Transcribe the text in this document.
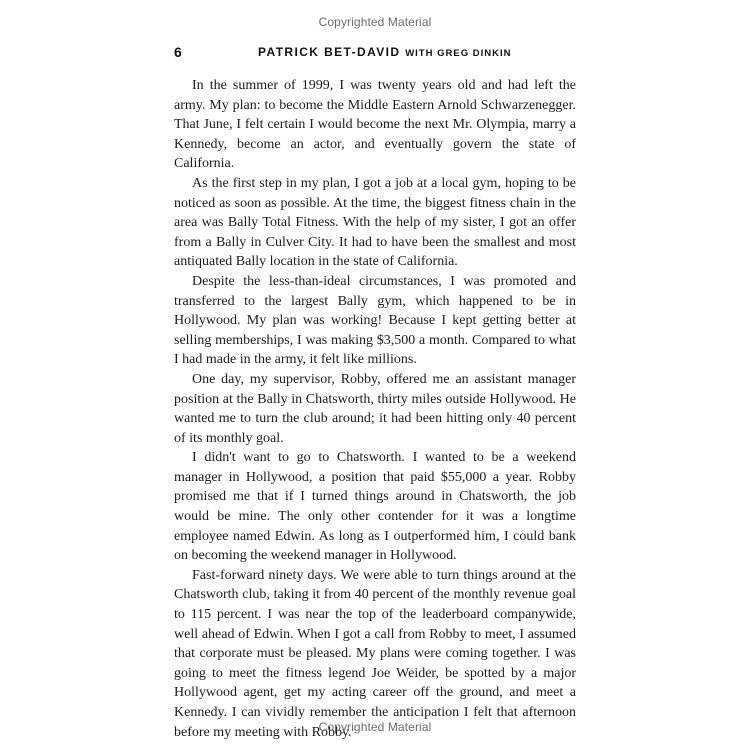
Copyrighted Material
6	PATRICK BET-DAVID WITH GREG DINKIN

In the summer of 1999, I was twenty years old and had left the army. My plan: to become the Middle Eastern Arnold Schwarzenegger. That June, I felt certain I would become the next Mr. Olympia, marry a Kennedy, become an actor, and eventually govern the state of California.

As the first step in my plan, I got a job at a local gym, hoping to be noticed as soon as possible. At the time, the biggest fitness chain in the area was Bally Total Fitness. With the help of my sister, I got an offer from a Bally in Culver City. It had to have been the smallest and most antiquated Bally location in the state of California.

Despite the less-than-ideal circumstances, I was promoted and transferred to the largest Bally gym, which happened to be in Hollywood. My plan was working! Because I kept getting better at selling memberships, I was making $3,500 a month. Compared to what I had made in the army, it felt like millions.

One day, my supervisor, Robby, offered me an assistant manager position at the Bally in Chatsworth, thirty miles outside Hollywood. He wanted me to turn the club around; it had been hitting only 40 percent of its monthly goal.

I didn't want to go to Chatsworth. I wanted to be a weekend manager in Hollywood, a position that paid $55,000 a year. Robby promised me that if I turned things around in Chatsworth, the job would be mine. The only other contender for it was a longtime employee named Edwin. As long as I outperformed him, I could bank on becoming the weekend manager in Hollywood.

Fast-forward ninety days. We were able to turn things around at the Chatsworth club, taking it from 40 percent of the monthly revenue goal to 115 percent. I was near the top of the leaderboard companywide, well ahead of Edwin. When I got a call from Robby to meet, I assumed that corporate must be pleased. My plans were coming together. I was going to meet the fitness legend Joe Weider, be spotted by a major Hollywood agent, get my acting career off the ground, and meet a Kennedy. I can vividly remember the anticipation I felt that afternoon before my meeting with Robby.

Copyrighted Material
